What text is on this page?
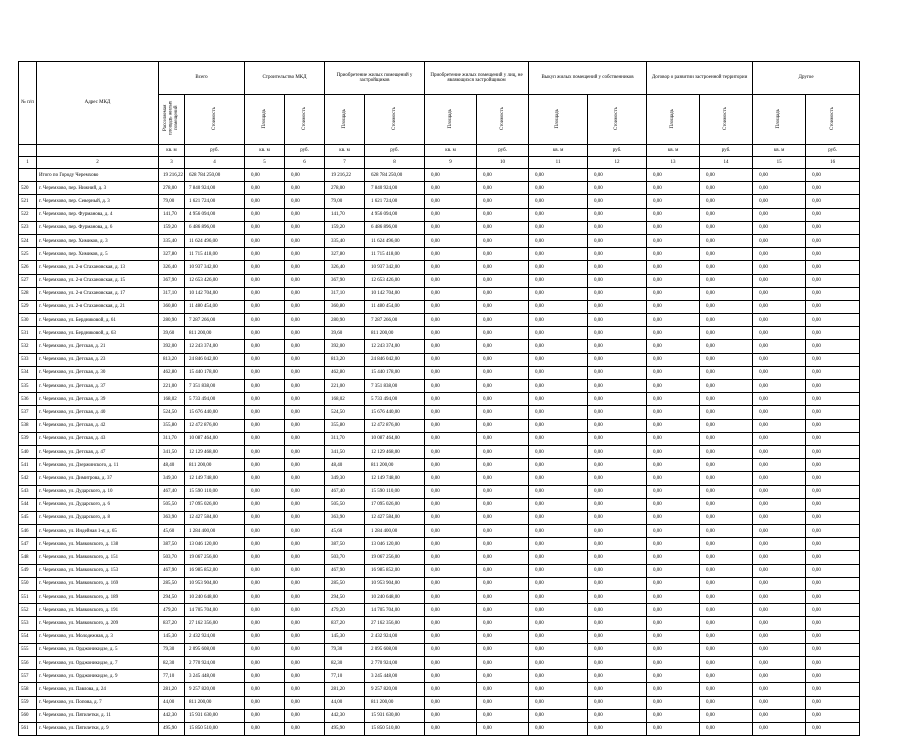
№ п/п	Адрес МКД	Всего		Строительство МКД		Приобретение жилых помещений у застройщиков		Приобретение жилых помещений у лиц, не являющихся застройщиком		Выкуп жилых помещений у собственников		Договор о развитии застроенной территории		Другое	
		Расселяемая площадь жилых помещений	Стоимость	Площадь	Стоимость	Площадь	Стоимость	Площадь	Стоимость	Площадь	Стоимость	Площадь	Стоимость	Площадь	Стоимость
		кв. м	руб.	кв. м	руб.	кв. м	руб.	кв. м	руб.	кв. м	руб.	кв. м	руб.	кв. м	руб.
1	2	3	4	5	6	7	8	9	10	11	12	13	14	15	16
	Итого по Городу Черемхово	19 216,22	628 784 250,00	0,00	0,00	19 216,22	628 784 250,00	0,00	0,00	0,00	0,00	0,00	0,00	0,00	0,00
520	г. Черемхово, пер. Нижний, д. 3	278,00	7 840 924,00	0,00	0,00	278,00	7 840 924,00	0,00	0,00	0,00	0,00	0,00	0,00	0,00	0,00
521	г. Черемхово, пер. Северный, д. 3	79,00	1 621 724,00	0,00	0,00	79,00	1 621 724,00	0,00	0,00	0,00	0,00	0,00	0,00	0,00	0,00
522	г. Черемхово, пер. Фурманова, д. 4	141,70	4 956 094,00	0,00	0,00	141,70	4 956 094,00	0,00	0,00	0,00	0,00	0,00	0,00	0,00	0,00
523	г. Черемхово, пер. Фурманова, д. 6	159,20	6 486 896,00	0,00	0,00	159,20	6 486 896,00	0,00	0,00	0,00	0,00	0,00	0,00	0,00	0,00
524	г. Черемхово, пер. Химиков, д. 3	335,40	11 624 496,00	0,00	0,00	335,40	11 624 496,00	0,00	0,00	0,00	0,00	0,00	0,00	0,00	0,00
525	г. Черемхово, пер. Химиков, д. 5	327,80	11 715 418,00	0,00	0,00	327,80	11 715 418,00	0,00	0,00	0,00	0,00	0,00	0,00	0,00	0,00
526	г. Черемхово, ул. 2-я Стахановская, д. 13	326,40	10 937 342,00	0,00	0,00	326,40	10 937 342,00	0,00	0,00	0,00	0,00	0,00	0,00	0,00	0,00
527	г. Черемхово, ул. 2-я Стахановская, д. 15	367,90	12 653 426,00	0,00	0,00	367,90	12 653 426,00	0,00	0,00	0,00	0,00	0,00	0,00	0,00	0,00
528	г. Черемхово, ул. 2-я Стахановская, д. 17	317,10	10 142 704,00	0,00	0,00	317,10	10 142 704,00	0,00	0,00	0,00	0,00	0,00	0,00	0,00	0,00
529	г. Черемхово, ул. 2-я Стахановская, д. 21	360,80	11 480 454,00	0,00	0,00	360,80	11 480 454,00	0,00	0,00	0,00	0,00	0,00	0,00	0,00	0,00
530	г. Черемхово, ул. Бердниковой, д. 61	280,90	7 287 266,00	0,00	0,00	280,90	7 287 266,00	0,00	0,00	0,00	0,00	0,00	0,00	0,00	0,00
531	г. Черемхово, ул. Бердниковой, д. 63	39,60	811 200,00	0,00	0,00	39,60	811 200,00	0,00	0,00	0,00	0,00	0,00	0,00	0,00	0,00
532	г. Черемхово, ул. Детская, д. 21	392,00	12 243 374,00	0,00	0,00	392,00	12 243 374,00	0,00	0,00	0,00	0,00	0,00	0,00	0,00	0,00
533	г. Черемхово, ул. Детская, д. 23	813,20	24 846 042,00	0,00	0,00	813,20	24 846 042,00	0,00	0,00	0,00	0,00	0,00	0,00	0,00	0,00
534	г. Черемхово, ул. Детская, д. 30	462,80	15 440 178,00	0,00	0,00	462,80	15 440 178,00	0,00	0,00	0,00	0,00	0,00	0,00	0,00	0,00
535	г. Черемхово, ул. Детская, д. 37	221,00	7 351 838,00	0,00	0,00	221,00	7 351 838,00	0,00	0,00	0,00	0,00	0,00	0,00	0,00	0,00
536	г. Черемхово, ул. Детская, д. 39	168,02	5 733 494,00	0,00	0,00	168,02	5 733 494,00	0,00	0,00	0,00	0,00	0,00	0,00	0,00	0,00
537	г. Черемхово, ул. Детская, д. 40	524,50	15 676 440,00	0,00	0,00	524,50	15 676 440,00	0,00	0,00	0,00	0,00	0,00	0,00	0,00	0,00
538	г. Черемхово, ул. Детская, д. 42	355,80	12 472 876,00	0,00	0,00	355,80	12 472 876,00	0,00	0,00	0,00	0,00	0,00	0,00	0,00	0,00
539	г. Черемхово, ул. Детская, д. 43	311,70	10 087 464,00	0,00	0,00	311,70	10 087 464,00	0,00	0,00	0,00	0,00	0,00	0,00	0,00	0,00
540	г. Черемхово, ул. Детская, д. 47	341,50	12 129 468,00	0,00	0,00	341,50	12 129 468,00	0,00	0,00	0,00	0,00	0,00	0,00	0,00	0,00
541	г. Черемхово, ул. Дзержинского, д. 11	48,40	811 200,00	0,00	0,00	48,40	811 200,00	0,00	0,00	0,00	0,00	0,00	0,00	0,00	0,00
542	г. Черемхово, ул. Димитрова, д. 37	349,30	12 149 748,00	0,00	0,00	349,30	12 149 748,00	0,00	0,00	0,00	0,00	0,00	0,00	0,00	0,00
543	г. Черемхово, ул. Дударского, д. 10	467,40	15 590 110,00	0,00	0,00	467,40	15 590 110,00	0,00	0,00	0,00	0,00	0,00	0,00	0,00	0,00
544	г. Черемхово, ул. Дударского, д. 6	505,50	17 095 026,00	0,00	0,00	505,50	17 095 026,00	0,00	0,00	0,00	0,00	0,00	0,00	0,00	0,00
545	г. Черемхово, ул. Дударского, д. 8	363,90	12 427 584,00	0,00	0,00	363,90	12 427 584,00	0,00	0,00	0,00	0,00	0,00	0,00	0,00	0,00
546	г. Черемхово, ул. Индейная 1-я, д. 65	45,60	1 284 400,00	0,00	0,00	45,60	1 284 400,00	0,00	0,00	0,00	0,00	0,00	0,00	0,00	0,00
547	г. Черемхово, ул. Маяковского, д. 138	387,50	13 046 120,00	0,00	0,00	387,50	13 046 120,00	0,00	0,00	0,00	0,00	0,00	0,00	0,00	0,00
548	г. Черемхово, ул. Маяковского, д. 151	503,70	19 067 256,00	0,00	0,00	503,70	19 067 256,00	0,00	0,00	0,00	0,00	0,00	0,00	0,00	0,00
549	г. Черемхово, ул. Маяковского, д. 153	467,90	16 985 852,00	0,00	0,00	467,90	16 985 852,00	0,00	0,00	0,00	0,00	0,00	0,00	0,00	0,00
550	г. Черемхово, ул. Маяковского, д. 169	285,50	10 953 904,00	0,00	0,00	285,50	10 953 904,00	0,00	0,00	0,00	0,00	0,00	0,00	0,00	0,00
551	г. Черемхово, ул. Маяковского, д. 189	294,50	10 240 648,00	0,00	0,00	294,50	10 240 648,00	0,00	0,00	0,00	0,00	0,00	0,00	0,00	0,00
552	г. Черемхово, ул. Маяковского, д. 191	479,20	14 705 704,00	0,00	0,00	479,20	14 705 704,00	0,00	0,00	0,00	0,00	0,00	0,00	0,00	0,00
553	г. Черемхово, ул. Маяковского, д. 209	837,20	27 162 356,00	0,00	0,00	837,20	27 162 356,00	0,00	0,00	0,00	0,00	0,00	0,00	0,00	0,00
554	г. Черемхово, ул. Молодежная, д. 3	145,30	2 432 924,00	0,00	0,00	145,30	2 432 924,00	0,00	0,00	0,00	0,00	0,00	0,00	0,00	0,00
555	г. Черемхово, ул. Орджоникидзе, д. 5	79,30	2 095 608,00	0,00	0,00	79,30	2 095 608,00	0,00	0,00	0,00	0,00	0,00	0,00	0,00	0,00
556	г. Черемхово, ул. Орджоникидзе, д. 7	82,30	2 770 924,00	0,00	0,00	82,30	2 770 924,00	0,00	0,00	0,00	0,00	0,00	0,00	0,00	0,00
557	г. Черемхово, ул. Орджоникидзе, д. 9	77,10	3 245 448,00	0,00	0,00	77,10	3 245 448,00	0,00	0,00	0,00	0,00	0,00	0,00	0,00	0,00
558	г. Черемхово, ул. Павлова, д. 24	281,20	9 257 820,00	0,00	0,00	281,20	9 257 820,00	0,00	0,00	0,00	0,00	0,00	0,00	0,00	0,00
559	г. Черемхово, ул. Попова, д. 7	44,00	811 200,00	0,00	0,00	44,00	811 200,00	0,00	0,00	0,00	0,00	0,00	0,00	0,00	0,00
560	г. Черемхово, ул. Пятилетки, д. 11	442,30	15 931 630,00	0,00	0,00	442,30	15 931 630,00	0,00	0,00	0,00	0,00	0,00	0,00	0,00	0,00
561	г. Черемхово, ул. Пятилетки, д. 9	495,90	15 850 510,00	0,00	0,00	495,90	15 850 510,00	0,00	0,00	0,00	0,00	0,00	0,00	0,00	0,00
